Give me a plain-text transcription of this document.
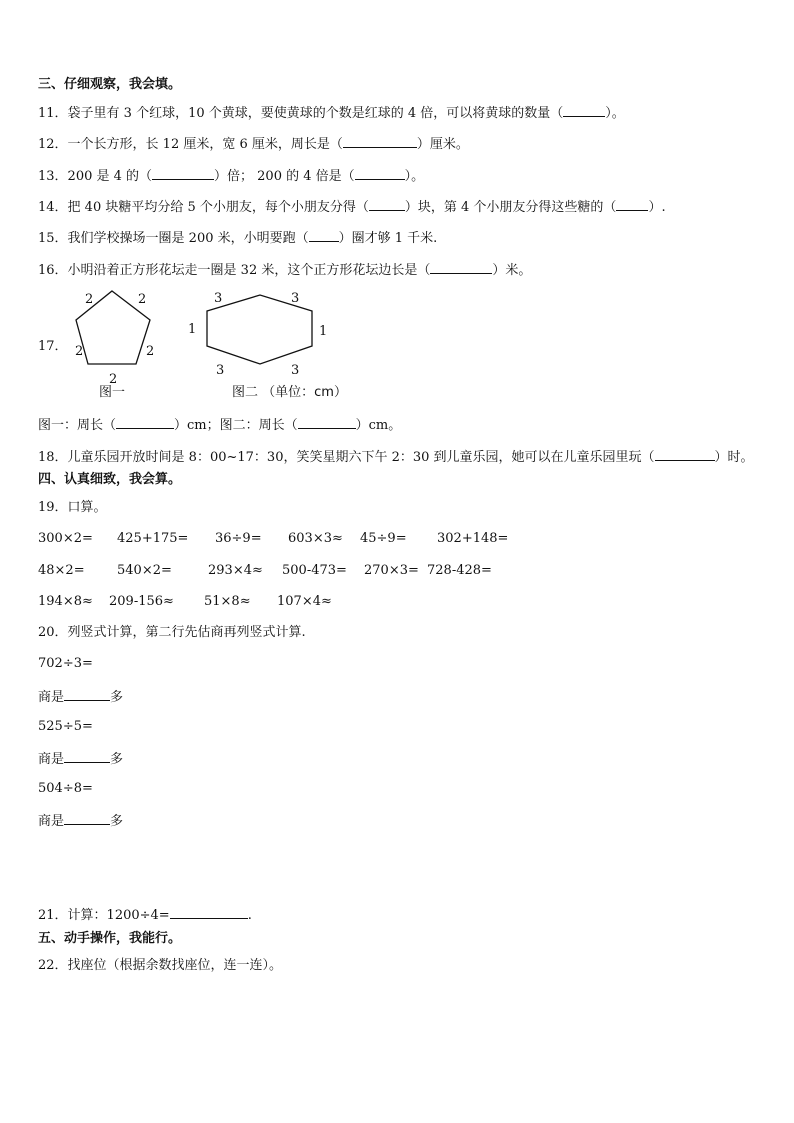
三、仔细观察，我会填。
11．袋子里有 3 个红球，10 个黄球，要使黄球的个数是红球的 4 倍，可以将黄球的数量（	）。
12．一个长方形，长 12 厘米，宽 6 厘米，周长是（	）厘米。
13．200 是 4 的（	）倍； 200 的 4 倍是（	）。
14．把 40 块糖平均分给 5 个小朋友，每个小朋友分得（	）块，第 4 个小朋友分得这些糖的（ ）.
15．我们学校操场一圈是 200 米，小明要跑（ ）圈才够 1 千米.
16．小明沿着正方形花坛走一圈是 32 米，这个正方形花坛边长是（	）米。
17．
2	2
2	2
2
3	3
1	1
3	3
图一	图二 （单位：cm）
图一：周长（	）cm；图二：周长（	）cm。
18．儿童乐园开放时间是 8：00~17：30，笑笑星期六下午 2：30 到儿童乐园，她可以在儿童乐园里玩（	）时。
四、认真细致，我会算。
19．口算。
300×2= 425+175= 36÷9= 603×3≈ 45÷9= 302+148=
48×2= 540×2=	293×4≈ 500-473= 270×3= 728-428=
194×8≈ 209-156≈ 51×8≈ 107×4≈
20．列竖式计算，第二行先估商再列竖式计算.
702÷3=
商是	多
525÷5=
商是	多
504÷8=
商是	多
21．计算：1200÷4=	.
五、动手操作，我能行。
22．找座位（根据余数找座位，连一连）。
